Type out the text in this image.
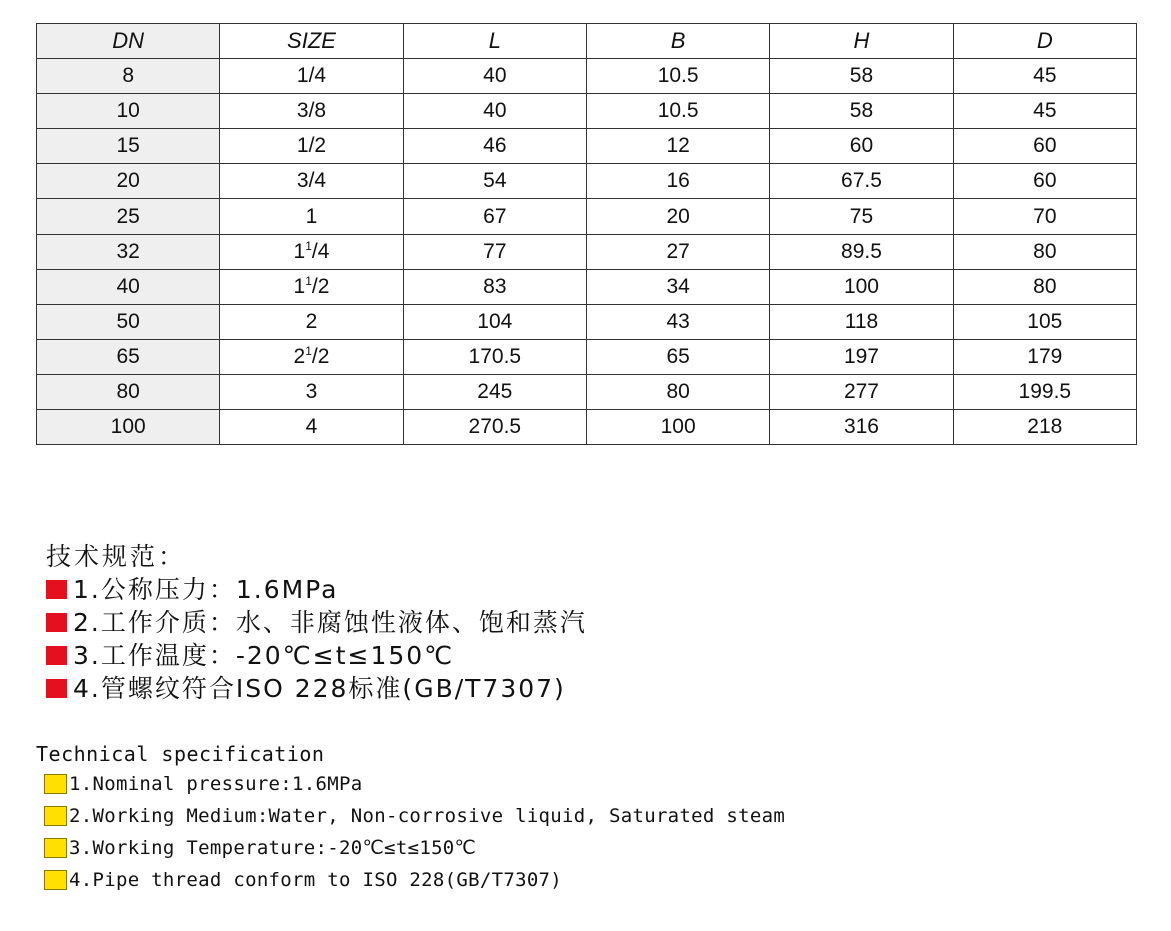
DN	SIZE	L	B	H	D
8	1/4	40	10.5	58	45
10	3/8	40	10.5	58	45
15	1/2	46	12	60	60
20	3/4	54	16	67.5	60
25	1	67	20	75	70
32	$1^1/4$	77	27	89.5	80
40	$1^1/2$	83	34	100	80
50	2	104	43	118	105
65	$2^1/2$	170.5	65	197	179
80	3	245	80	277	199.5
100	4	270.5	100	316	218
技术规范：
1.公称压力：1.6MPa
2.工作介质：水、非腐蚀性液体、饱和蒸汽
3.工作温度：-20℃≤t≤150℃
4.管螺纹符合ISO 228标准(GB/T7307)
Technical specification
1.Nominal pressure:1.6MPa
2.Working Medium:Water, Non-corrosive liquid, Saturated steam
3.Working Temperature:-20℃≤t≤150℃
4.Pipe thread conform to ISO 228(GB/T7307)
